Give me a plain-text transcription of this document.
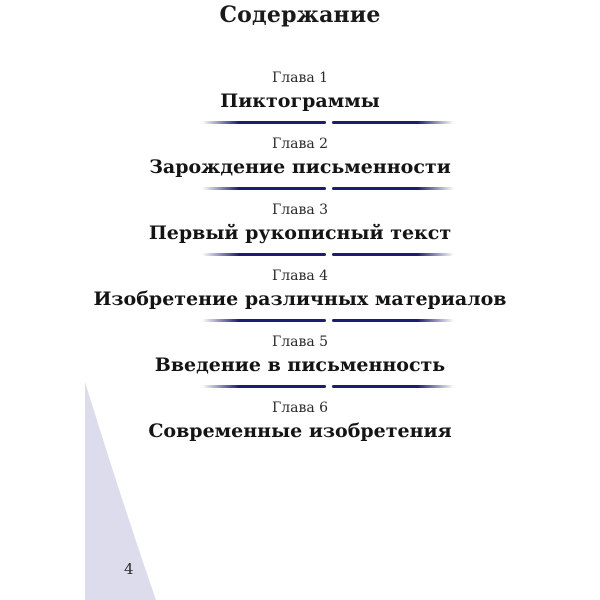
Содержание
Глава 1
Пиктограммы
Глава 2
Зарождение письменности
Глава 3
Первый рукописный текст
Глава 4
Изобретение различных материалов
Глава 5
Введение в письменность
Глава 6
Современные изобретения
4
